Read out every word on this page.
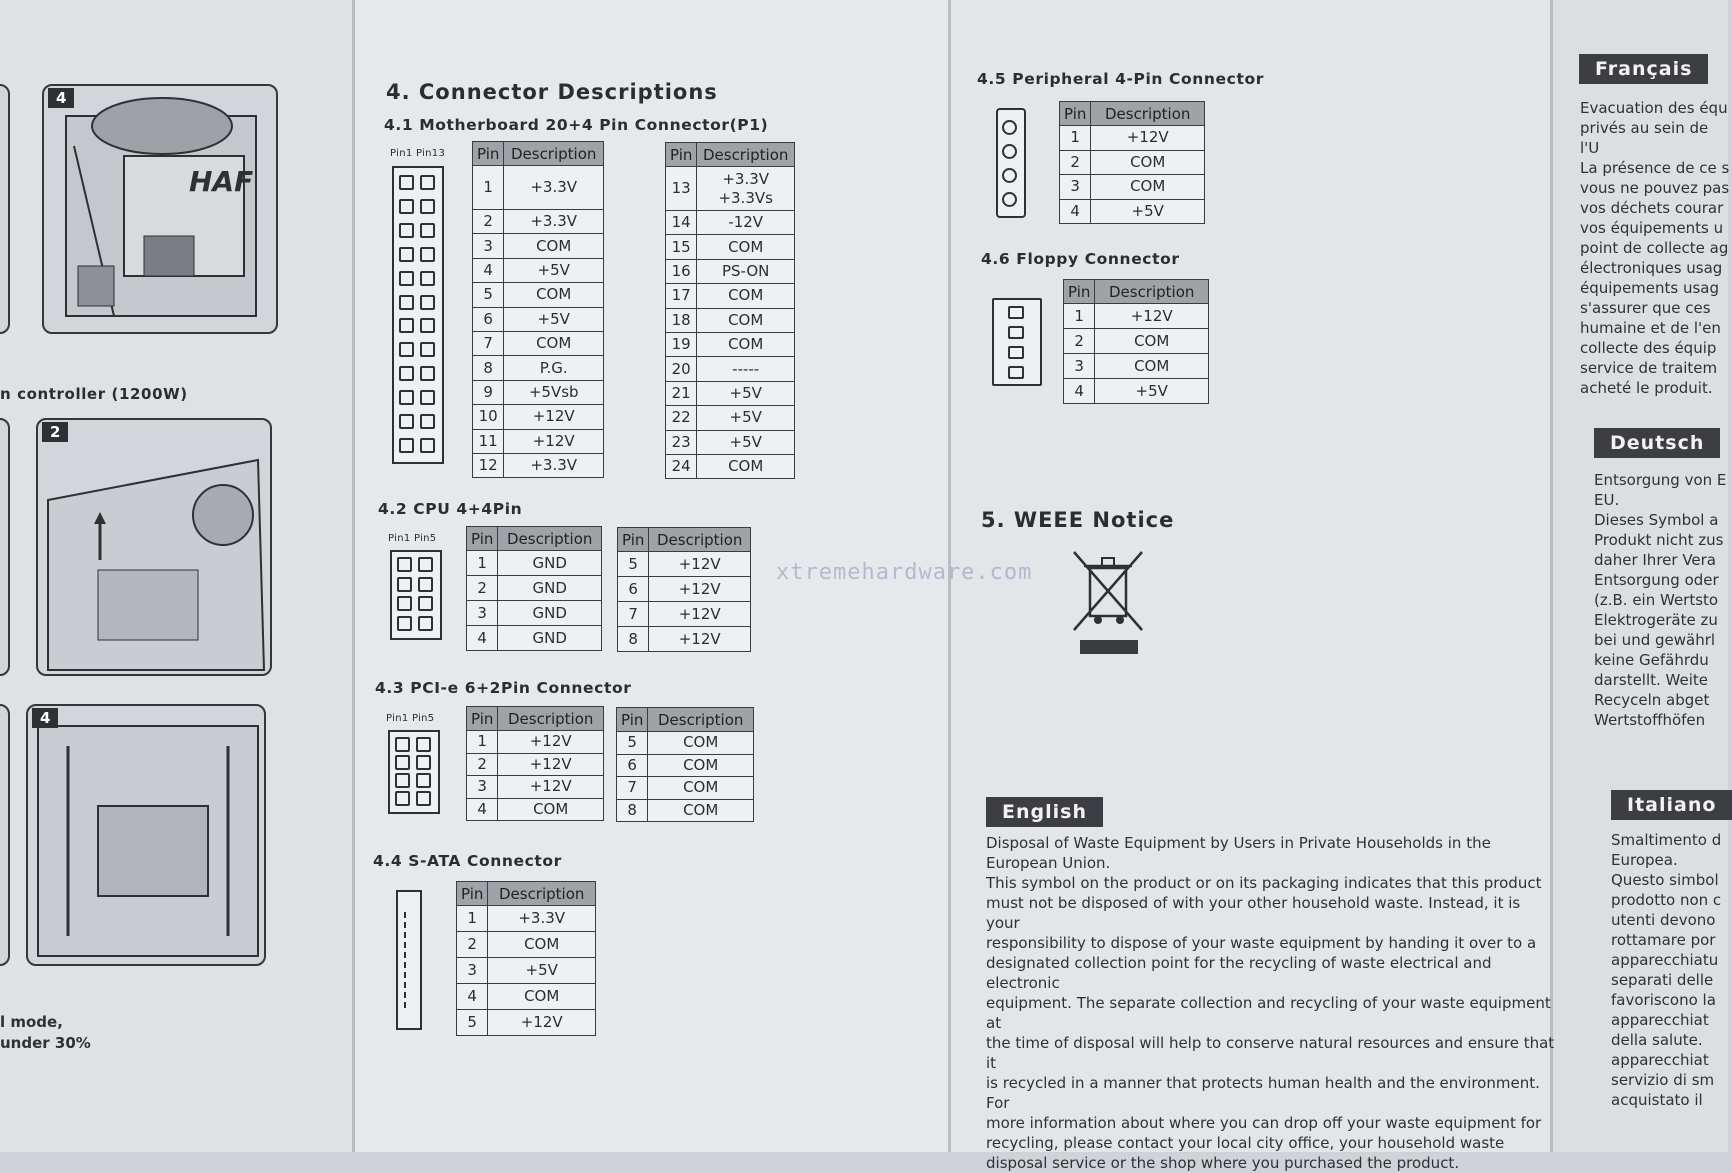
HAF
4
n controller (1200W)
2
4
l mode,
under 30%
4. Connector Descriptions
4.1 Motherboard 20+4 Pin Connector(P1)
Pin1 Pin13 Pin	Description
1	+3.3V
2	+3.3V
3	COM
4	+5V
5	COM
6	+5V
7	COM
8	P.G.
9	+5Vsb
10	+12V
11	+12V
12	+3.3V
Pin	Description
13	+3.3V
+3.3Vs
14	-12V
15	COM
16	PS-ON
17	COM
18	COM
19	COM
20	-----
21	+5V
22	+5V
23	+5V
24	COM
4.2 CPU 4+4Pin
Pin1 Pin5 Pin	Description
1	GND
2	GND
3	GND
4	GND
Pin	Description
5	+12V
6	+12V
7	+12V
8	+12V
4.3 PCI-e 6+2Pin Connector
Pin1 Pin5 Pin	Description
1	+12V
2	+12V
3	+12V
4	COM
Pin	Description
5	COM
6	COM
7	COM
8	COM
4.4 S-ATA Connector
Pin	Description
1	+3.3V
2	COM
3	+5V
4	COM
5	+12V
4.5 Peripheral 4-Pin Connector
Pin	Description
1	+12V
2	COM
3	COM
4	+5V
4.6 Floppy Connector
Pin	Description
1	+12V
2	COM
3	COM
4	+5V
5. WEEE Notice
xtremehardware.com
English
Disposal of Waste Equipment by Users in Private Households in the
European Union.
This symbol on the product or on its packaging indicates that this product
must not be disposed of with your other household waste. Instead, it is your
responsibility to dispose of your waste equipment by handing it over to a
designated collection point for the recycling of waste electrical and electronic
equipment. The separate collection and recycling of your waste equipment at
the time of disposal will help to conserve natural resources and ensure that it
is recycled in a manner that protects human health and the environment. For
more information about where you can drop off your waste equipment for
recycling, please contact your local city office, your household waste
disposal service or the shop where you purchased the product.
Français
Evacuation des équ
privés au sein de l'U
La présence de ce s
vous ne pouvez pas
vos déchets courar
vos équipements u
point de collecte ag
électroniques usag
équipements usag
s'assurer que ces
humaine et de l'en
collecte des équip
service de traitem
acheté le produit.
Deutsch
Entsorgung von E
EU.
Dieses Symbol a
Produkt nicht zus
daher Ihrer Vera
Entsorgung oder
(z.B. ein Wertsto
Elektrogeräte zu
bei und gewährl
keine Gefährdu
darstellt. Weite
Recyceln abget
Wertstoffhöfen
Italiano
Smaltimento d
Europea.
Questo simbol
prodotto non c
utenti devono
rottamare por
apparecchiatu
separati delle
favoriscono la
apparecchiat
della salute.
apparecchiat
servizio di sm
acquistato il
